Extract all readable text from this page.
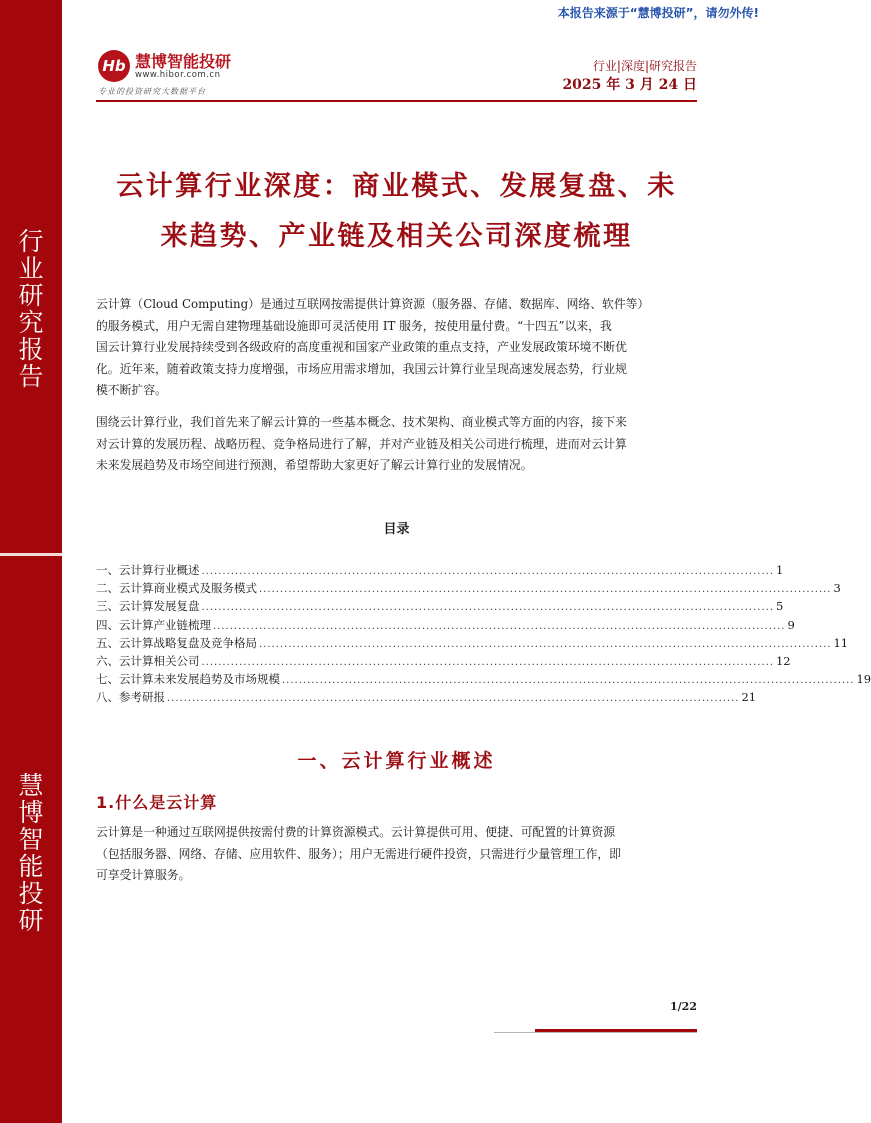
行
业
研
究
报
告
慧
博
智
能
投
研
本报告来源于“慧博投研”，请勿外传!
Hb 慧博智能投研
www.hibor.com.cn
专业的投资研究大数据平台
行业|深度|研究报告
2025 年 3 月 24 日
云计算行业深度：商业模式、发展复盘、未
来趋势、产业链及相关公司深度梳理
云计算（Cloud Computing）是通过互联网按需提供计算资源（服务器、存储、数据库、网络、软件等）
的服务模式，用户无需自建物理基础设施即可灵活使用 IT 服务，按使用量付费。“十四五”以来，我
国云计算行业发展持续受到各级政府的高度重视和国家产业政策的重点支持，产业发展政策环境不断优
化。近年来，随着政策支持力度增强，市场应用需求增加，我国云计算行业呈现高速发展态势，行业规
模不断扩容。
围绕云计算行业，我们首先来了解云计算的一些基本概念、技术架构、商业模式等方面的内容，接下来
对云计算的发展历程、战略历程、竞争格局进行了解，并对产业链及相关公司进行梳理，进而对云计算
未来发展趋势及市场空间进行预测，希望帮助大家更好了解云计算行业的发展情况。
目录
一、云计算行业概述 ......................................................................................................................................... 1
二、云计算商业模式及服务模式 ......................................................................................................................................... 3
三、云计算发展复盘 ......................................................................................................................................... 5
四、云计算产业链梳理 ......................................................................................................................................... 9
五、云计算战略复盘及竞争格局 ......................................................................................................................................... 11
六、云计算相关公司 ......................................................................................................................................... 12
七、云计算未来发展趋势及市场规模 ......................................................................................................................................... 19
八、参考研报 ......................................................................................................................................... 21
一、云计算行业概述
1.什么是云计算
云计算是一种通过互联网提供按需付费的计算资源模式。云计算提供可用、便捷、可配置的计算资源
（包括服务器、网络、存储、应用软件、服务）；用户无需进行硬件投资，只需进行少量管理工作，即
可享受计算服务。
1/22
